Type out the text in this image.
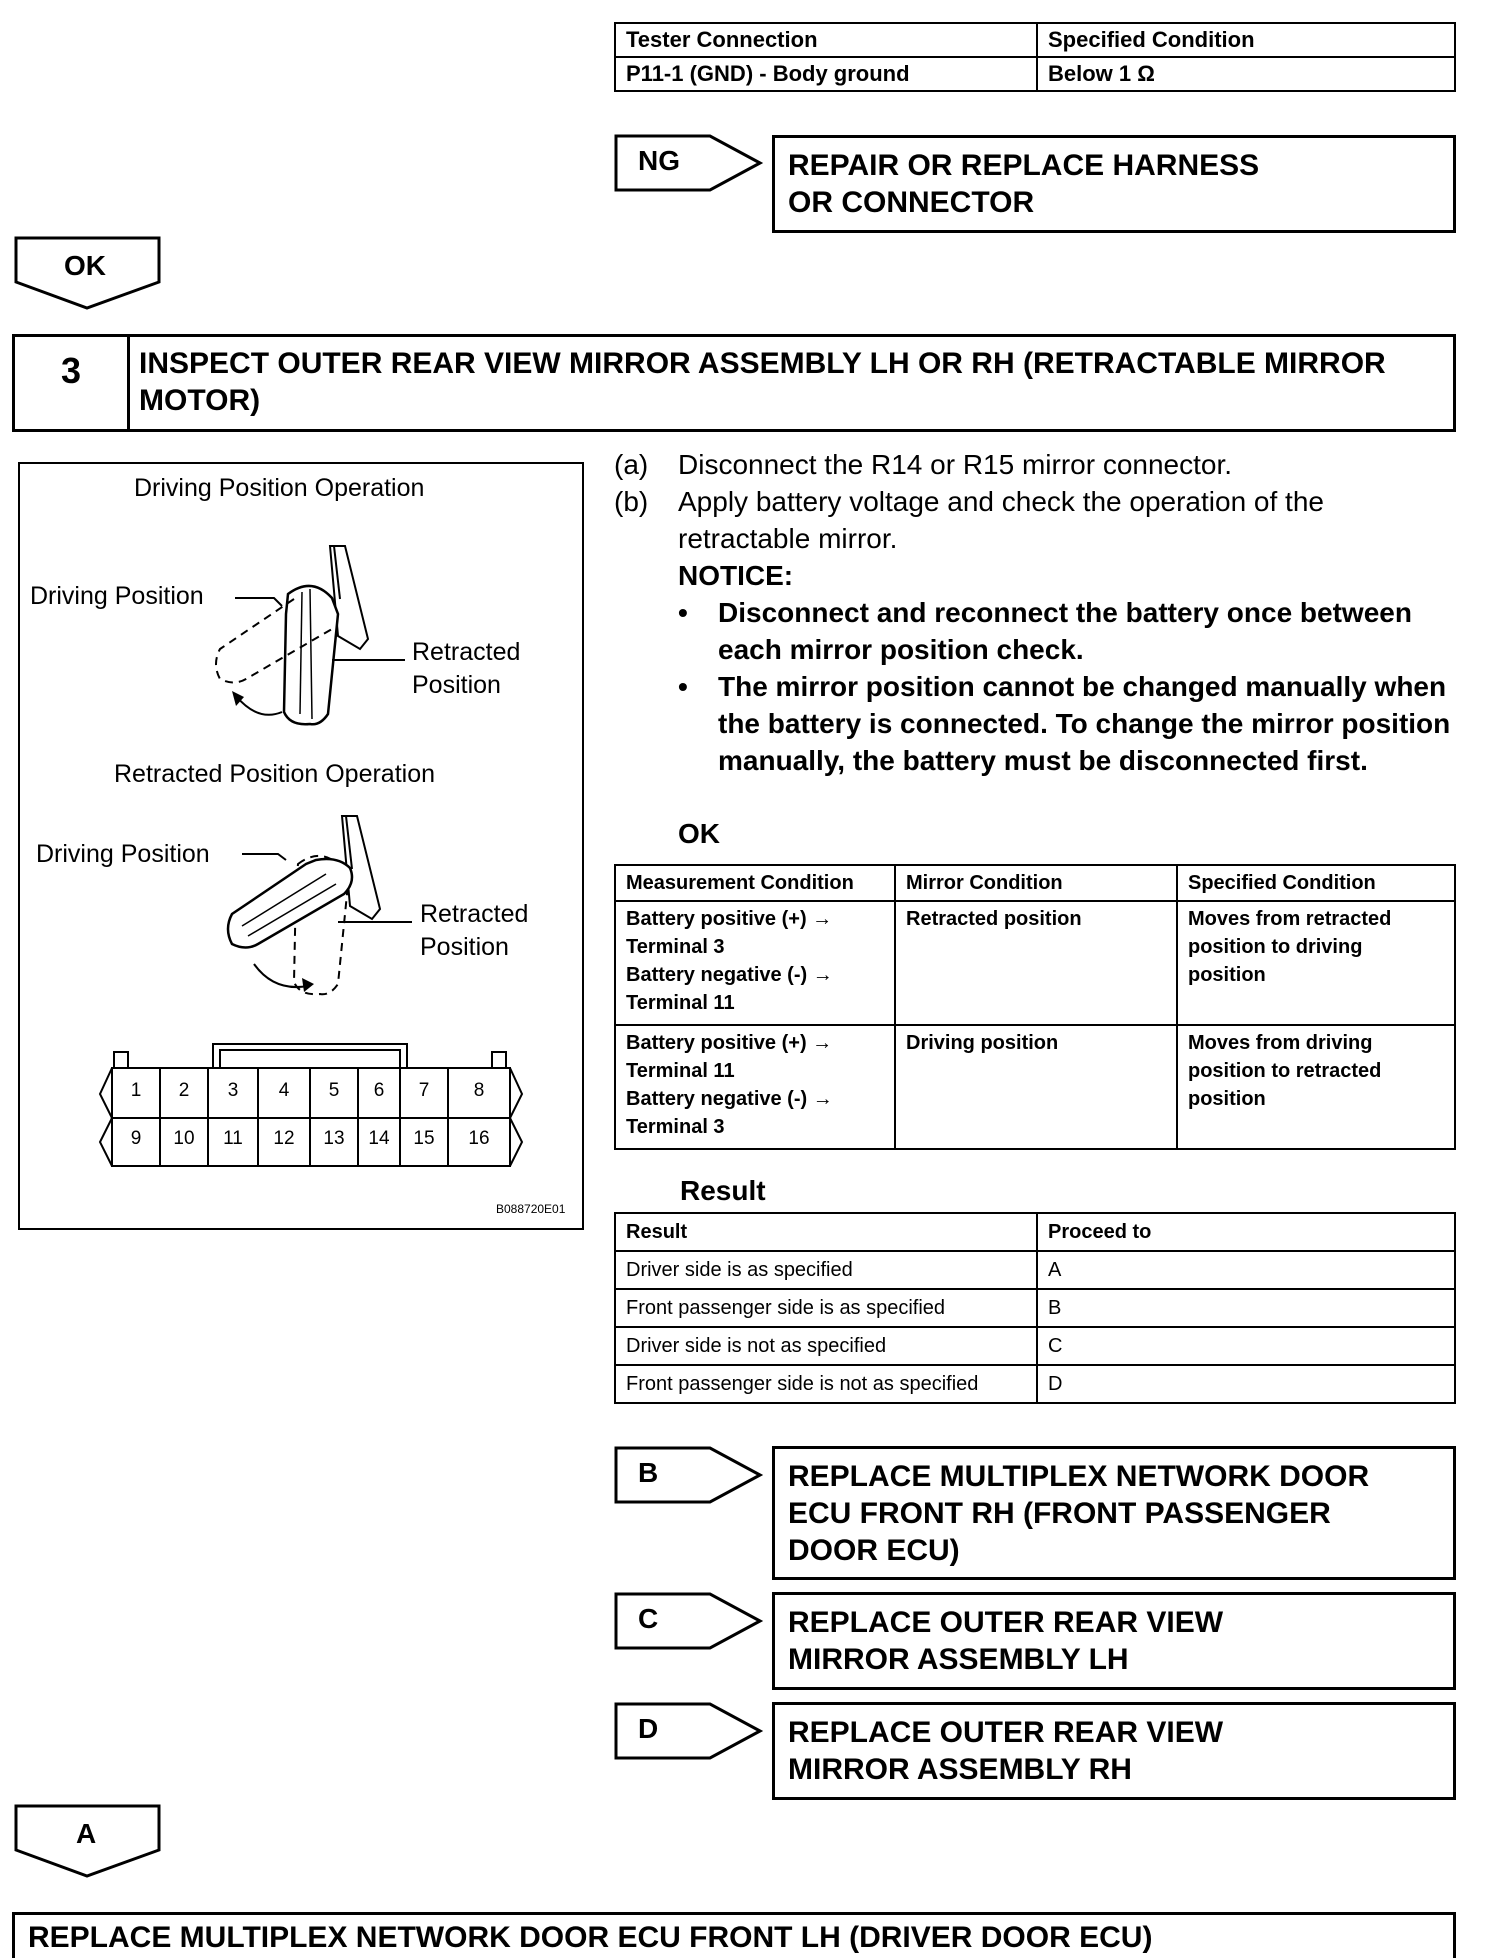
Tester Connection	Specified Condition
P11-1 (GND) - Body ground	Below 1 Ω
NG	REPAIR OR REPLACE HARNESS OR CONNECTOR
OK
3	INSPECT OUTER REAR VIEW MIRROR ASSEMBLY LH OR RH (RETRACTABLE MIRROR MOTOR)
Driving Position Operation
Driving Position
Retracted
Position
Retracted Position Operation
Driving Position
Retracted
Position
1	2	3	4	5	6	7	8
9	10	11	12	13	14	15	16
B088720E01
(a) Disconnect the R14 or R15 mirror connector.
(b) Apply battery voltage and check the operation of the retractable mirror.
NOTICE:
• Disconnect and reconnect the battery once between each mirror position check.
• The mirror position cannot be changed manually when the battery is connected. To change the mirror position manually, the battery must be disconnected first.
OK
Measurement Condition	Mirror Condition	Specified Condition

Battery positive (+) →
Terminal 3
Battery negative (-) →
Terminal 11	Retracted position	Moves from retracted position to driving position

Battery positive (+) →
Terminal 11
Battery negative (-) →
Terminal 3	Driving position	Moves from driving position to retracted position
Result
Result	Proceed to
Driver side is as specified	A
Front passenger side is as specified	B
Driver side is not as specified	C
Front passenger side is not as specified	D
B	REPLACE MULTIPLEX NETWORK DOOR ECU FRONT RH (FRONT PASSENGER DOOR ECU)
C	REPLACE OUTER REAR VIEW MIRROR ASSEMBLY LH
D	REPLACE OUTER REAR VIEW MIRROR ASSEMBLY RH
A
REPLACE MULTIPLEX NETWORK DOOR ECU FRONT LH (DRIVER DOOR ECU)
